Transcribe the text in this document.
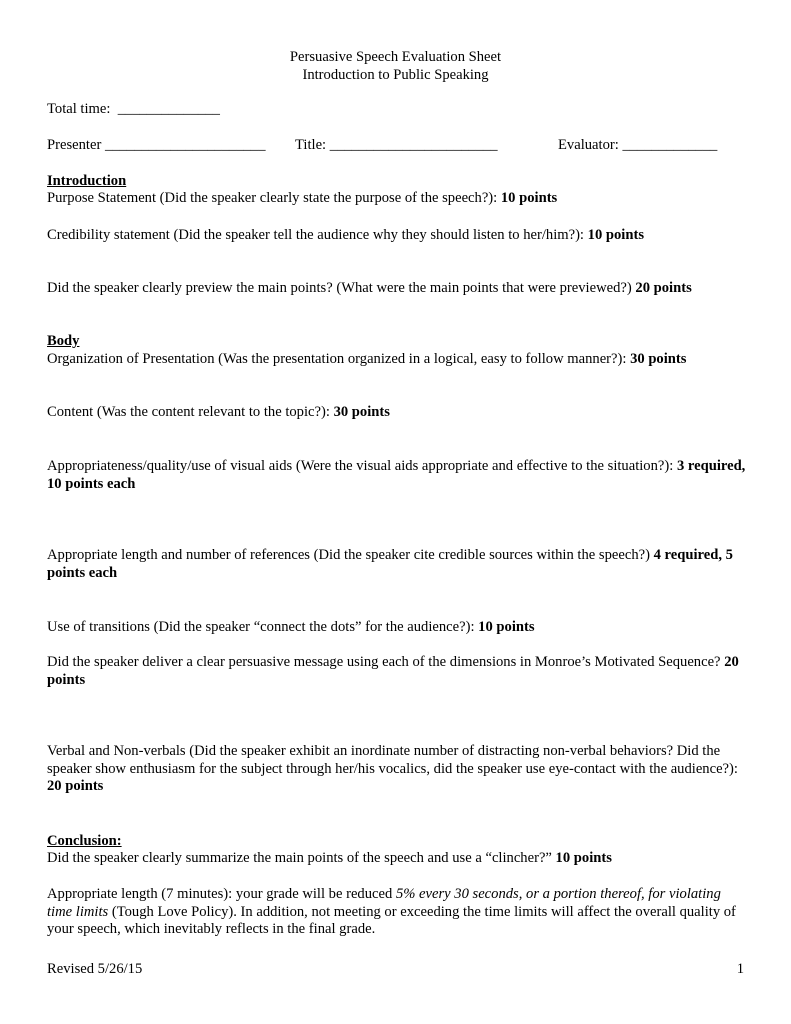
Persuasive Speech Evaluation Sheet
Introduction to Public Speaking
Total time: ______________
Presenter ______________________	Title: _______________________	Evaluator: _____________
Introduction
Purpose Statement (Did the speaker clearly state the purpose of the speech?): 10 points
Credibility statement (Did the speaker tell the audience why they should listen to her/him?): 10 points
Did the speaker clearly preview the main points? (What were the main points that were previewed?) 20 points
Body
Organization of Presentation (Was the presentation organized in a logical, easy to follow manner?): 30 points
Content (Was the content relevant to the topic?): 30 points
Appropriateness/quality/use of visual aids (Were the visual aids appropriate and effective to the situation?): 3 required, 10 points each
Appropriate length and number of references (Did the speaker cite credible sources within the speech?) 4 required, 5 points each
Use of transitions (Did the speaker “connect the dots” for the audience?): 10 points
Did the speaker deliver a clear persuasive message using each of the dimensions in Monroe’s Motivated Sequence? 20 points
Verbal and Non-verbals (Did the speaker exhibit an inordinate number of distracting non-verbal behaviors? Did the speaker show enthusiasm for the subject through her/his vocalics, did the speaker use eye-contact with the audience?): 20 points
Conclusion:
Did the speaker clearly summarize the main points of the speech and use a “clincher?” 10 points
Appropriate length (7 minutes): your grade will be reduced 5% every 30 seconds, or a portion thereof, for violating time limits (Tough Love Policy). In addition, not meeting or exceeding the time limits will affect the overall quality of your speech, which inevitably reflects in the final grade.
Revised 5/26/15	1
